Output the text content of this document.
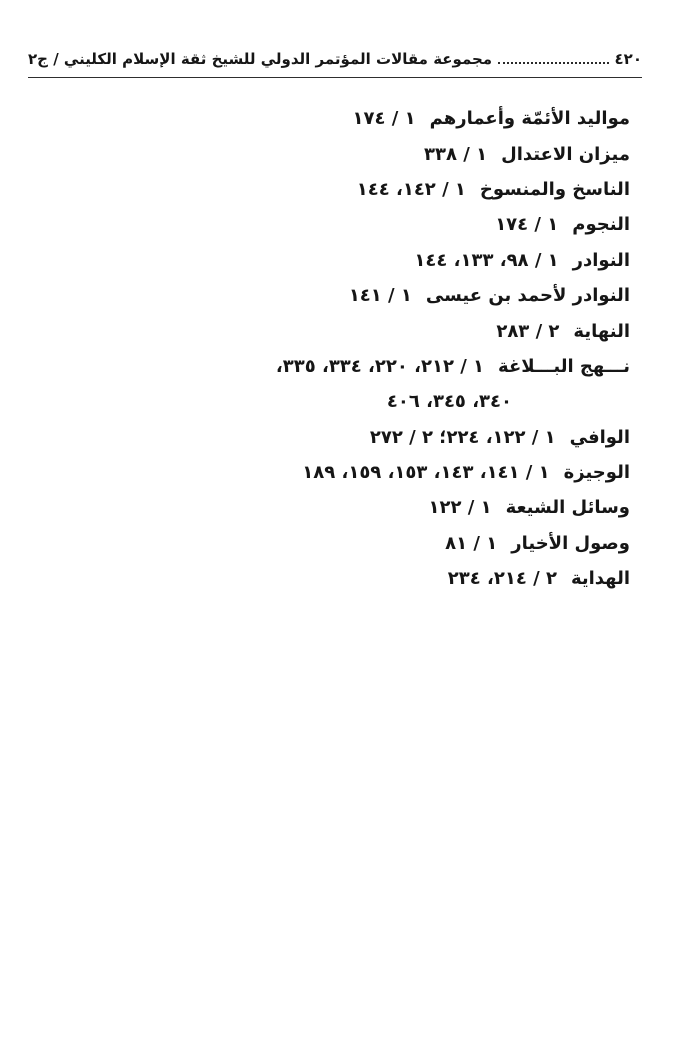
٤٢٠
مجموعة مقالات المؤتمر الدولي للشيخ ثقة الإسلام الكليني / ج٢
مواليد الأئمّة وأعمارهم
١ / ١٧٤
ميزان الاعتدال
١ / ٣٣٨
الناسخ والمنسوخ
١ / ١٤٢، ١٤٤
النجوم
١ / ١٧٤
النوادر
١ / ٩٨، ١٣٣، ١٤٤
النوادر لأحمد بن عيسى
١ / ١٤١
النهاية
٢ / ٢٨٣
نـــهج البـــلاغة
١ / ٢١٢، ٢٢٠، ٣٣٤، ٣٣٥،
٣٤٠، ٣٤٥، ٤٠٦
الوافي
١ / ١٢٢، ٢٢٤؛ ٢ / ٢٧٢
الوجيزة
١ / ١٤١، ١٤٣، ١٥٣، ١٥٩، ١٨٩
وسائل الشيعة
١ / ١٢٢
وصول الأخيار
١ / ٨١
الهداية
٢ / ٢١٤، ٢٣٤
